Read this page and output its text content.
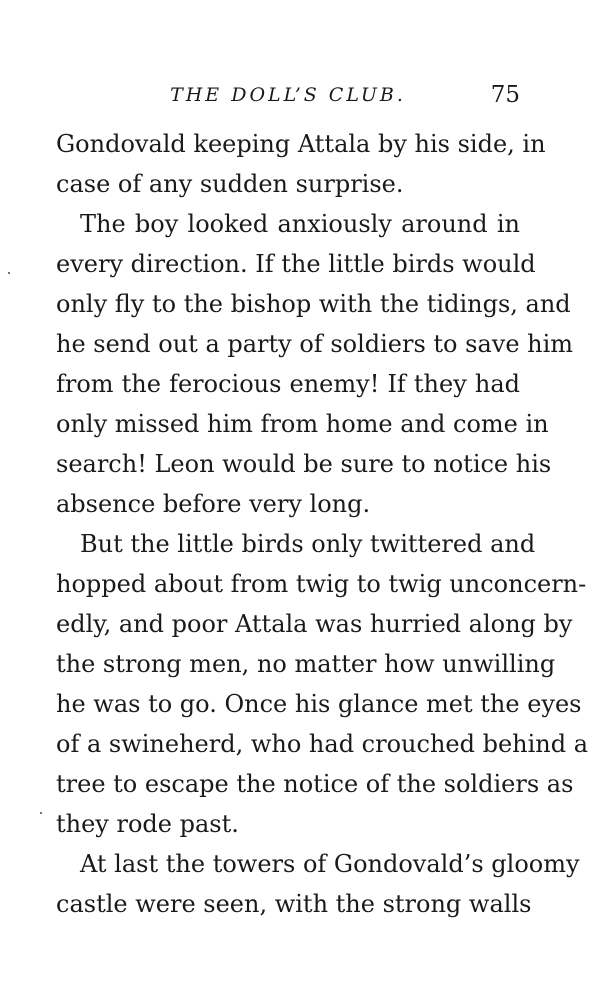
THE DOLL’S CLUB.	75
Gondovald keeping Attala by his side, in
case of any sudden surprise.
The boy looked anxiously around in
every direction. If the little birds would
only fly to the bishop with the tidings, and
he send out a party of soldiers to save him
from the ferocious enemy! If they had
only missed him from home and come in
search! Leon would be sure to notice his
absence before very long.
But the little birds only twittered and
hopped about from twig to twig unconcern-
edly, and poor Attala was hurried along by
the strong men, no matter how unwilling
he was to go. Once his glance met the eyes
of a swineherd, who had crouched behind a
tree to escape the notice of the soldiers as
they rode past.
At last the towers of Gondovald’s gloomy
castle were seen, with the strong walls
